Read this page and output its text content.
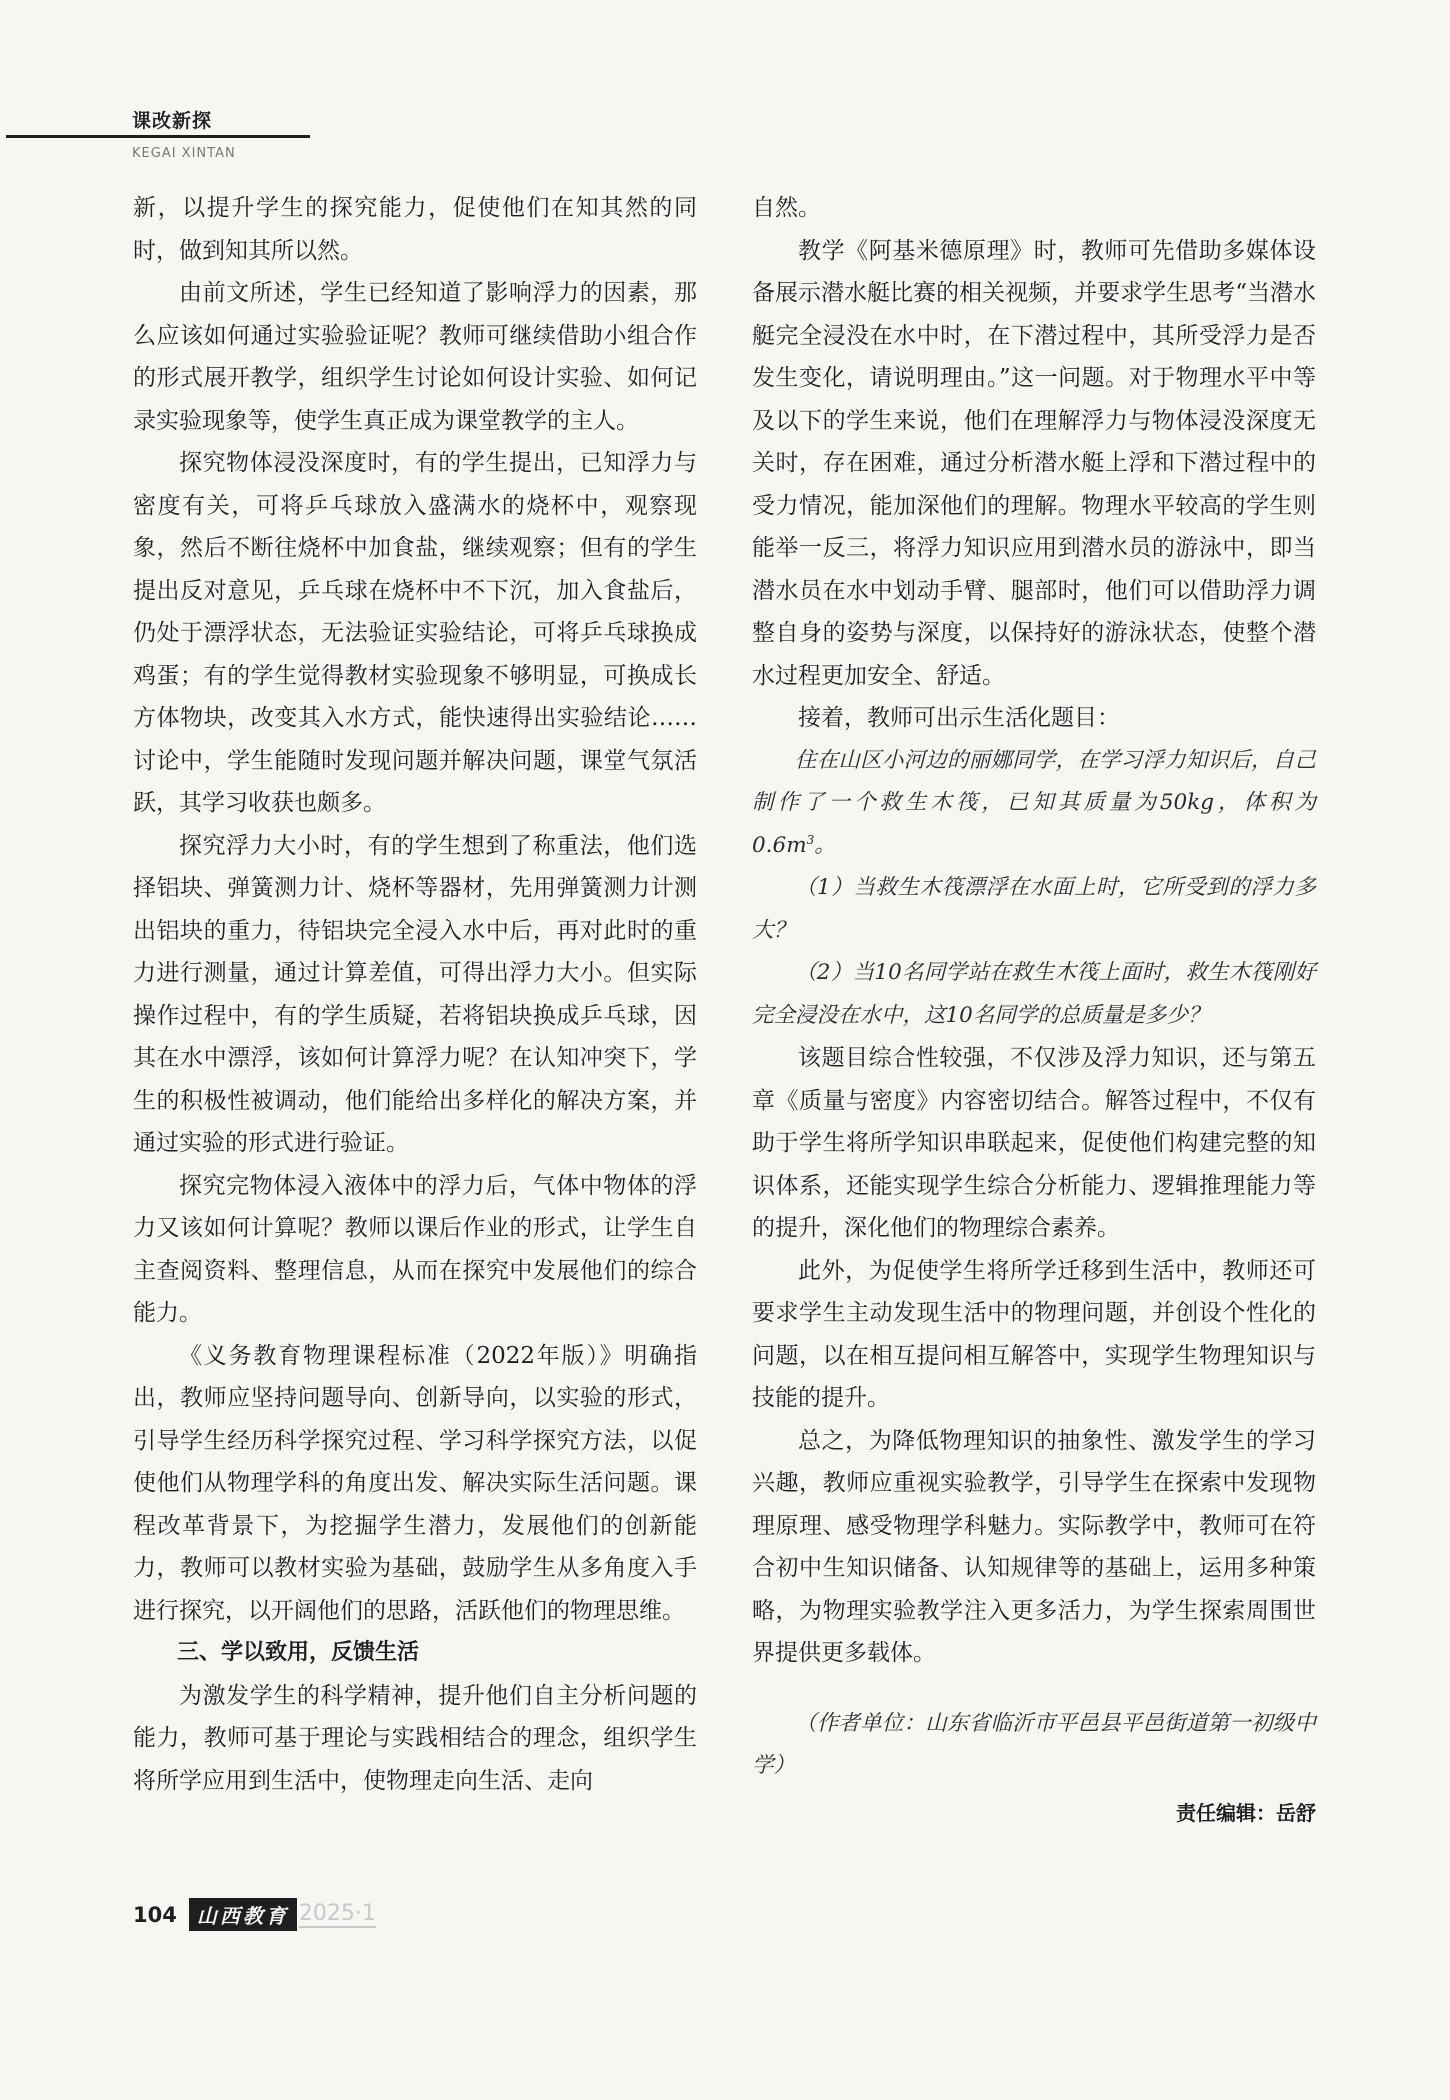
课改新探
KEGAI XINTAN

新，以提升学生的探究能力，促使他们在知其然的同时，做到知其所以然。

由前文所述，学生已经知道了影响浮力的因素，那么应该如何通过实验验证呢？教师可继续借助小组合作的形式展开教学，组织学生讨论如何设计实验、如何记录实验现象等，使学生真正成为课堂教学的主人。

探究物体浸没深度时，有的学生提出，已知浮力与密度有关，可将乒乓球放入盛满水的烧杯中，观察现象，然后不断往烧杯中加食盐，继续观察；但有的学生提出反对意见，乒乓球在烧杯中不下沉，加入食盐后，仍处于漂浮状态，无法验证实验结论，可将乒乓球换成鸡蛋；有的学生觉得教材实验现象不够明显，可换成长方体物块，改变其入水方式，能快速得出实验结论……讨论中，学生能随时发现问题并解决问题，课堂气氛活跃，其学习收获也颇多。

探究浮力大小时，有的学生想到了称重法，他们选择铝块、弹簧测力计、烧杯等器材，先用弹簧测力计测出铝块的重力，待铝块完全浸入水中后，再对此时的重力进行测量，通过计算差值，可得出浮力大小。但实际操作过程中，有的学生质疑，若将铝块换成乒乓球，因其在水中漂浮，该如何计算浮力呢？在认知冲突下，学生的积极性被调动，他们能给出多样化的解决方案，并通过实验的形式进行验证。

探究完物体浸入液体中的浮力后，气体中物体的浮力又该如何计算呢？教师以课后作业的形式，让学生自主查阅资料、整理信息，从而在探究中发展他们的综合能力。

《义务教育物理课程标准（2022年版）》明确指出，教师应坚持问题导向、创新导向，以实验的形式，引导学生经历科学探究过程、学习科学探究方法，以促使他们从物理学科的角度出发、解决实际生活问题。课程改革背景下，为挖掘学生潜力，发展他们的创新能力，教师可以教材实验为基础，鼓励学生从多角度入手进行探究，以开阔他们的思路，活跃他们的物理思维。

三、学以致用，反馈生活

为激发学生的科学精神，提升他们自主分析问题的能力，教师可基于理论与实践相结合的理念，组织学生将所学应用到生活中，使物理走向生活、走向

自然。

教学《阿基米德原理》时，教师可先借助多媒体设备展示潜水艇比赛的相关视频，并要求学生思考“当潜水艇完全浸没在水中时，在下潜过程中，其所受浮力是否发生变化，请说明理由。”这一问题。对于物理水平中等及以下的学生来说，他们在理解浮力与物体浸没深度无关时，存在困难，通过分析潜水艇上浮和下潜过程中的受力情况，能加深他们的理解。物理水平较高的学生则能举一反三，将浮力知识应用到潜水员的游泳中，即当潜水员在水中划动手臂、腿部时，他们可以借助浮力调整自身的姿势与深度，以保持好的游泳状态，使整个潜水过程更加安全、舒适。

接着，教师可出示生活化题目：

住在山区小河边的丽娜同学，在学习浮力知识后，自己制作了一个救生木筏，已知其质量为50kg，体积为$0.6m^3$。

（1）当救生木筏漂浮在水面上时，它所受到的浮力多大？

（2）当10名同学站在救生木筏上面时，救生木筏刚好完全浸没在水中，这10名同学的总质量是多少？

该题目综合性较强，不仅涉及浮力知识，还与第五章《质量与密度》内容密切结合。解答过程中，不仅有助于学生将所学知识串联起来，促使他们构建完整的知识体系，还能实现学生综合分析能力、逻辑推理能力等的提升，深化他们的物理综合素养。

此外，为促使学生将所学迁移到生活中，教师还可要求学生主动发现生活中的物理问题，并创设个性化的问题，以在相互提问相互解答中，实现学生物理知识与技能的提升。

总之，为降低物理知识的抽象性、激发学生的学习兴趣，教师应重视实验教学，引导学生在探索中发现物理原理、感受物理学科魅力。实际教学中，教师可在符合初中生知识储备、认知规律等的基础上，运用多种策略，为物理实验教学注入更多活力，为学生探索周围世界提供更多载体。

（作者单位：山东省临沂市平邑县平邑街道第一初级中学）

责任编辑：岳舒

104	山西教育 2025·1
